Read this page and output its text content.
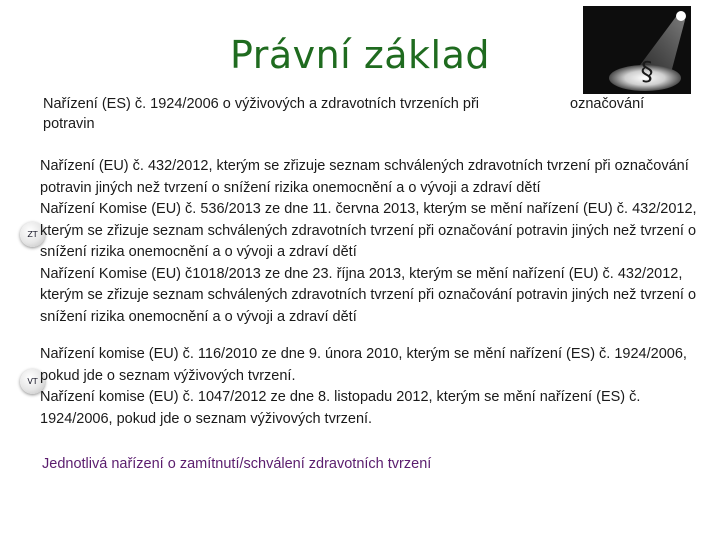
Právní základ	§
Nařízení (ES) č. 1924/2006 o výživových a zdravotních tvrzeních při
potravin
označování
ZT

Nařízení (EU) č. 432/2012, kterým se zřizuje seznam schválených zdravotních tvrzení při označování potravin jiných než tvrzení o snížení rizika onemocnění a o vývoji a zdraví dětí

Nařízení Komise (EU) č. 536/2013 ze dne 11. června 2013, kterým se mění nařízení (EU) č. 432/2012, kterým se zřizuje seznam schválených zdravotních tvrzení při označování potravin jiných než tvrzení o snížení rizika onemocnění a o vývoji a zdraví dětí

Nařízení Komise (EU) č1018/2013 ze dne 23. října 2013, kterým se mění nařízení (EU) č. 432/2012, kterým se zřizuje seznam schválených zdravotních tvrzení při označování potravin jiných než tvrzení o snížení rizika onemocnění a o vývoji a zdraví dětí

VT

Nařízení komise (EU) č. 116/2010 ze dne 9. února 2010, kterým se mění nařízení (ES) č. 1924/2006, pokud jde o seznam výživových tvrzení.

Nařízení komise (EU) č. 1047/2012 ze dne 8. listopadu 2012, kterým se mění nařízení (ES) č. 1924/2006, pokud jde o seznam výživových tvrzení.

Jednotlivá nařízení o zamítnutí/schválení zdravotních tvrzení
